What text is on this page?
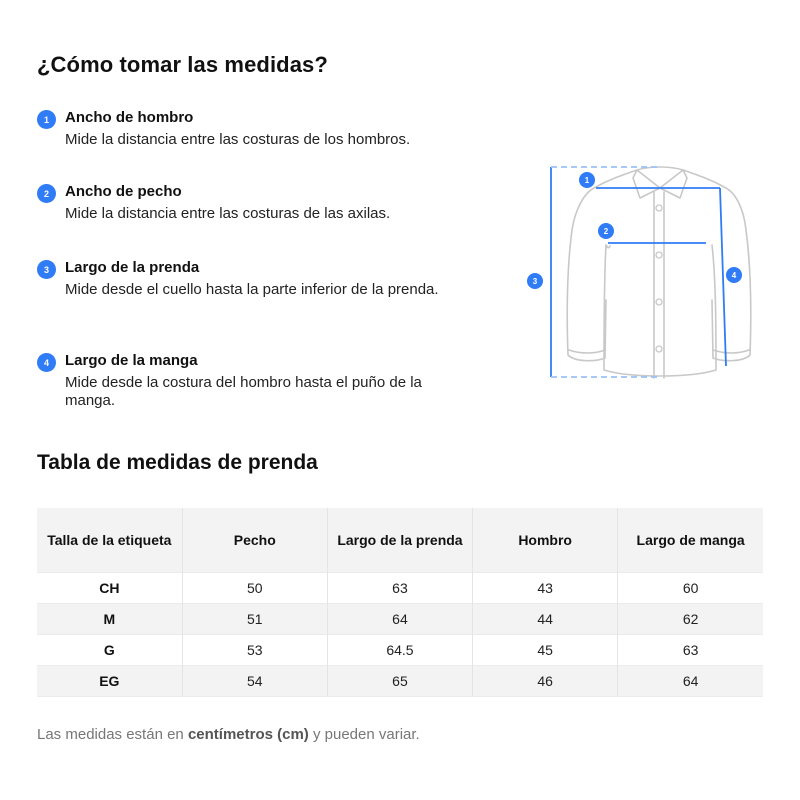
¿Cómo tomar las medidas?
1	Ancho de hombro
Mide la distancia entre las costuras de los hombros.
2	Ancho de pecho
Mide la distancia entre las costuras de las axilas.
3	Largo de la prenda
Mide desde el cuello hasta la parte inferior de la prenda.
4	Largo de la manga
Mide desde la costura del hombro hasta el puño de la manga.
1
2
3
4
Tabla de medidas de prenda
Talla de la etiqueta	Pecho	Largo de la prenda	Hombro	Largo de manga
CH	50	63	43	60
M	51	64	44	62
G	53	64.5	45	63
EG	54	65	46	64
Las medidas están en centímetros (cm) y pueden variar.
